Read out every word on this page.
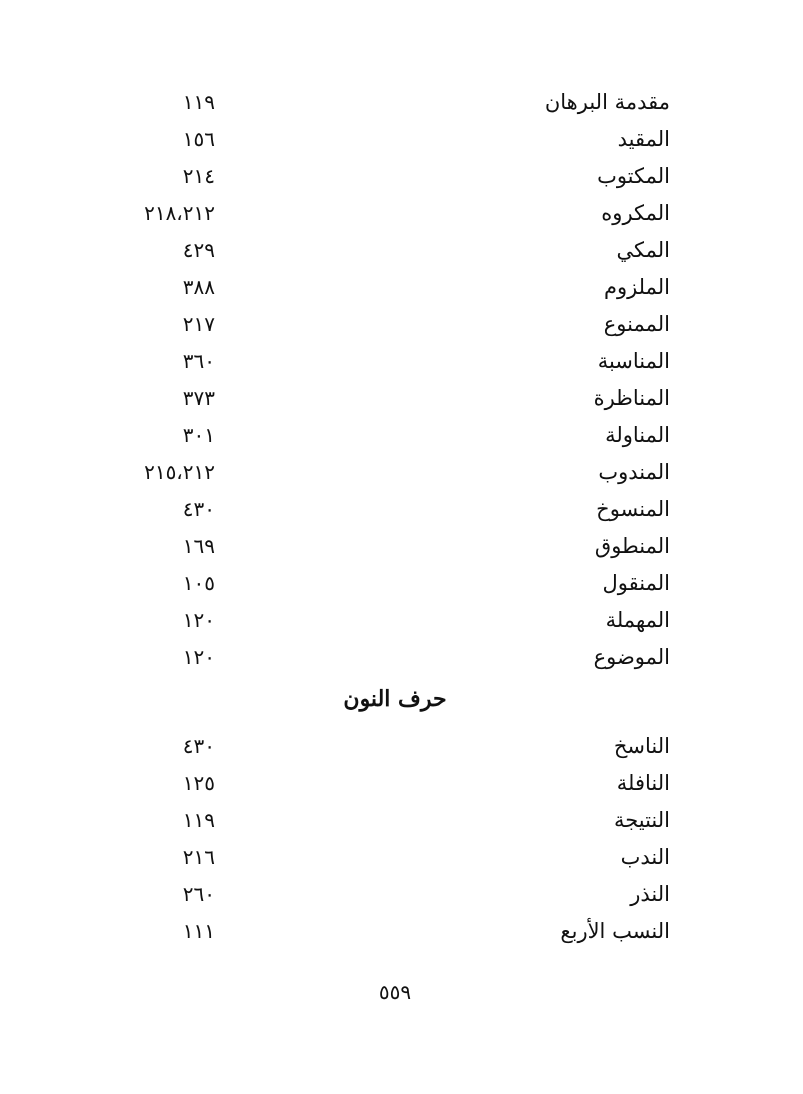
مقدمة البرهان
١١٩
المقيد
١٥٦
المكتوب
٢١٤
المكروه
٢١٨،٢١٢
المكي
٤٢٩
الملزوم
٣٨٨
الممنوع
٢١٧
المناسبة
٣٦٠
المناظرة
٣٧٣
المناولة
٣٠١
المندوب
٢١٥،٢١٢
المنسوخ
٤٣٠
المنطوق
١٦٩
المنقول
١٠٥
المهملة
١٢٠
الموضوع
١٢٠
حرف النون
الناسخ
٤٣٠
النافلة
١٢٥
النتيجة
١١٩
الندب
٢١٦
النذر
٢٦٠
النسب الأربع
١١١
٥٥٩
